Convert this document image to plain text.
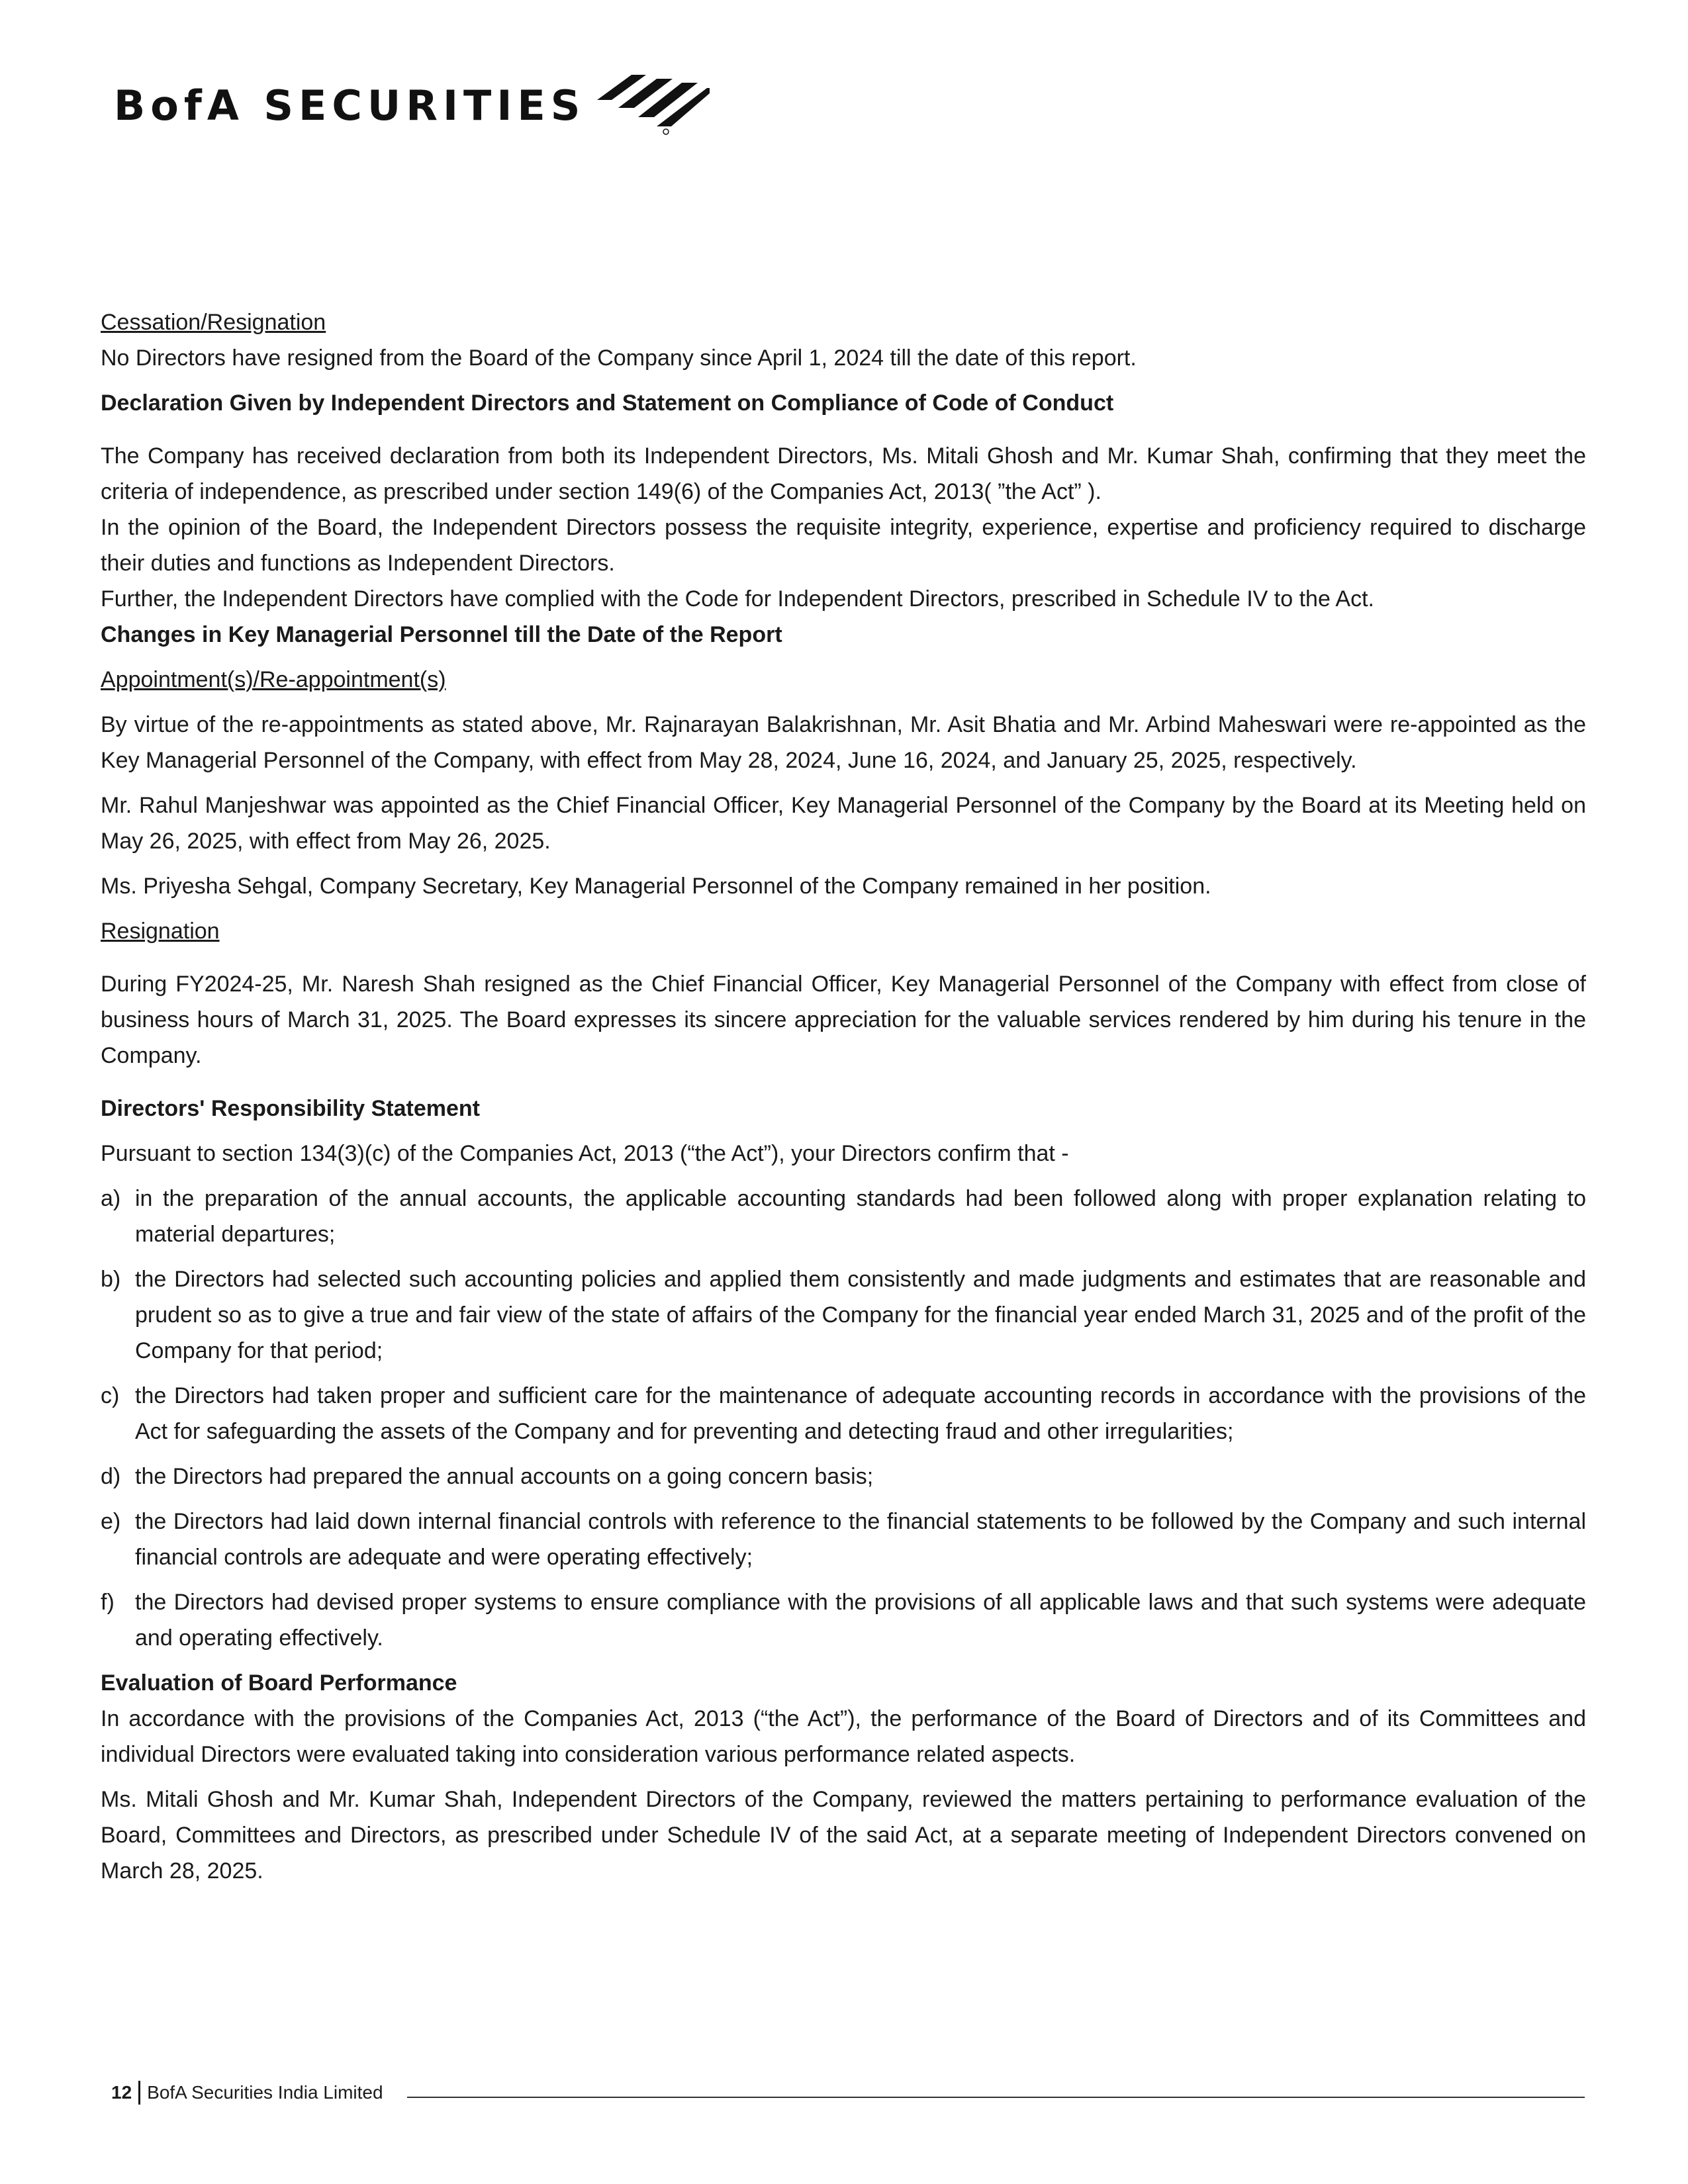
BofA SECURITIES

Cessation/Resignation

No Directors have resigned from the Board of the Company since April 1, 2024 till the date of this report.

Declaration Given by Independent Directors and Statement on Compliance of Code of Conduct

The Company has received declaration from both its Independent Directors, Ms. Mitali Ghosh and Mr. Kumar Shah, confirming that they meet the criteria of independence, as prescribed under section 149(6) of the Companies Act, 2013( ”the Act” ).

In the opinion of the Board, the Independent Directors possess the requisite integrity, experience, expertise and proficiency required to discharge their duties and functions as Independent Directors.

Further, the Independent Directors have complied with the Code for Independent Directors, prescribed in Schedule IV to the Act.

Changes in Key Managerial Personnel till the Date of the Report

Appointment(s)/Re-appointment(s)

By virtue of the re-appointments as stated above, Mr. Rajnarayan Balakrishnan, Mr. Asit Bhatia and Mr. Arbind Maheswari were re-appointed as the Key Managerial Personnel of the Company, with effect from May 28, 2024, June 16, 2024, and January 25, 2025, respectively.

Mr. Rahul Manjeshwar was appointed as the Chief Financial Officer, Key Managerial Personnel of the Company by the Board at its Meeting held on May 26, 2025, with effect from May 26, 2025.

Ms. Priyesha Sehgal, Company Secretary, Key Managerial Personnel of the Company remained in her position.

Resignation

During FY2024-25, Mr. Naresh Shah resigned as the Chief Financial Officer, Key Managerial Personnel of the Company with effect from close of business hours of March 31, 2025. The Board expresses its sincere appreciation for the valuable services rendered by him during his tenure in the Company.

Directors' Responsibility Statement

Pursuant to section 134(3)(c) of the Companies Act, 2013 (“the Act”), your Directors confirm that -

a) in the preparation of the annual accounts, the applicable accounting standards had been followed along with proper explanation relating to material departures;
b) the Directors had selected such accounting policies and applied them consistently and made judgments and estimates that are reasonable and prudent so as to give a true and fair view of the state of affairs of the Company for the financial year ended March 31, 2025 and of the profit of the Company for that period;
c) the Directors had taken proper and sufficient care for the maintenance of adequate accounting records in accordance with the provisions of the Act for safeguarding the assets of the Company and for preventing and detecting fraud and other irregularities;
d) the Directors had prepared the annual accounts on a going concern basis;
e) the Directors had laid down internal financial controls with reference to the financial statements to be followed by the Company and such internal financial controls are adequate and were operating effectively;
f) the Directors had devised proper systems to ensure compliance with the provisions of all applicable laws and that such systems were adequate and operating effectively.

Evaluation of Board Performance

In accordance with the provisions of the Companies Act, 2013 (“the Act”), the performance of the Board of Directors and of its Committees and individual Directors were evaluated taking into consideration various performance related aspects.

Ms. Mitali Ghosh and Mr. Kumar Shah, Independent Directors of the Company, reviewed the matters pertaining to performance evaluation of the Board, Committees and Directors, as prescribed under Schedule IV of the said Act, at a separate meeting of Independent Directors convened on March 28, 2025.

12 BofA Securities India Limited
